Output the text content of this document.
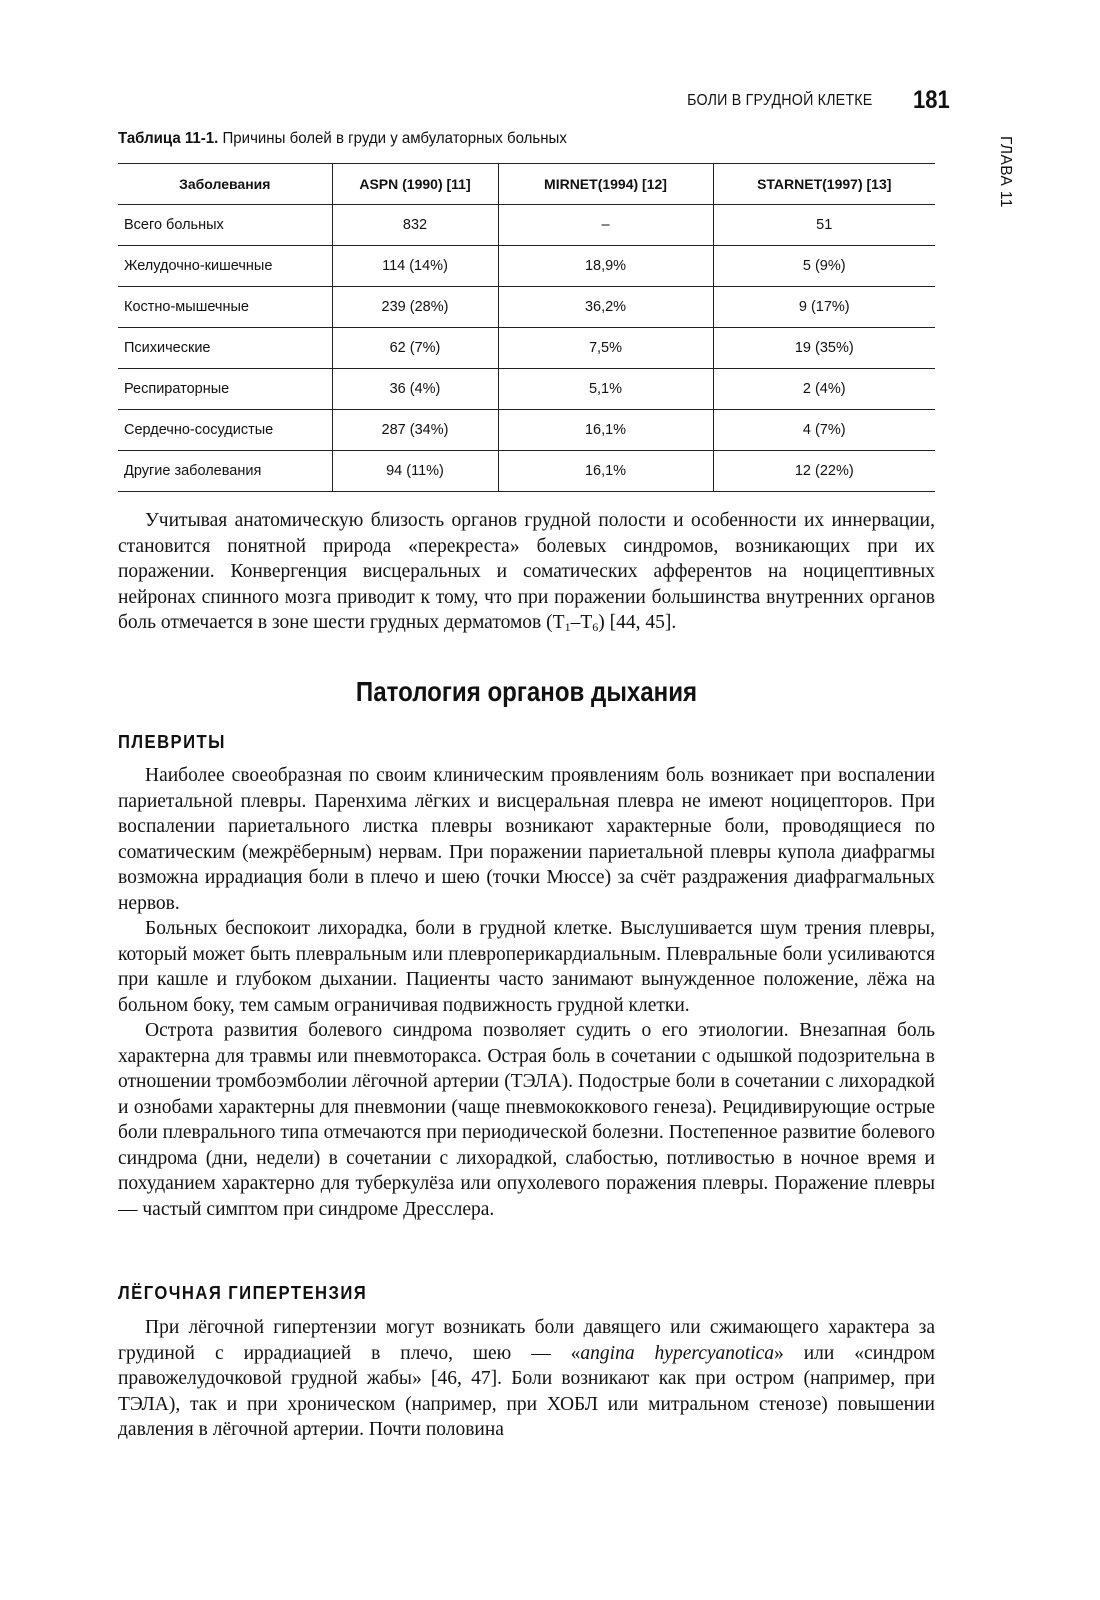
БОЛИ В ГРУДНОЙ КЛЕТКЕ 181
ГЛАВА 11
Таблица 11-1. Причины болей в груди у амбулаторных больных
Заболевания	ASPN (1990) [11]	MIRNET(1994) [12]	STARNET(1997) [13]
Всего больных	832	–	51
Желудочно-кишечные	114 (14%)	18,9%	5 (9%)
Костно-мышечные	239 (28%)	36,2%	9 (17%)
Психические	62 (7%)	7,5%	19 (35%)
Респираторные	36 (4%)	5,1%	2 (4%)
Сердечно-сосудистые	287 (34%)	16,1%	4 (7%)
Другие заболевания	94 (11%)	16,1%	12 (22%)

Учитывая анатомическую близость органов грудной полости и особенности их иннервации, становится понятной природа «перекреста» болевых синдромов, возникающих при их поражении. Конвергенция висцеральных и соматических афферентов на ноцицептивных нейронах спинного мозга приводит к тому, что при поражении большинства внутренних органов боль отмечается в зоне шести грудных дерматомов $(T_1-T_6)$ [44, 45].

Патология органов дыхания
ПЛЕВРИТЫ

Наиболее своеобразная по своим клиническим проявлениям боль возникает при воспалении париетальной плевры. Паренхима лёгких и висцеральная плевра не имеют ноцицепторов. При воспалении париетального листка плевры возникают характерные боли, проводящиеся по соматическим (межрёберным) нервам. При поражении париетальной плевры купола диафрагмы возможна иррадиация боли в плечо и шею (точки Мюссе) за счёт раздражения диафрагмальных нервов.

Больных беспокоит лихорадка, боли в грудной клетке. Выслушивается шум трения плевры, который может быть плевральным или плевроперикардиальным. Плевральные боли усиливаются при кашле и глубоком дыхании. Пациенты часто занимают вынужденное положение, лёжа на больном боку, тем самым ограничивая подвижность грудной клетки.

Острота развития болевого синдрома позволяет судить о его этиологии. Внезапная боль характерна для травмы или пневмоторакса. Острая боль в сочетании с одышкой подозрительна в отношении тромбоэмболии лёгочной артерии (ТЭЛА). Подострые боли в сочетании с лихорадкой и ознобами характерны для пневмонии (чаще пневмококкового генеза). Рецидивирующие острые боли плеврального типа отмечаются при периодической болезни. Постепенное развитие болевого синдрома (дни, недели) в сочетании с лихорадкой, слабостью, потливостью в ночное время и похуданием характерно для туберкулёза или опухолевого поражения плевры. Поражение плевры — частый симптом при синдроме Дресслера.

ЛЁГОЧНАЯ ГИПЕРТЕНЗИЯ

При лёгочной гипертензии могут возникать боли давящего или сжимающего характера за грудиной с иррадиацией в плечо, шею — «angina hypercyanotica» или «синдром правожелудочковой грудной жабы» [46, 47]. Боли возникают как при остром (например, при ТЭЛА), так и при хроническом (например, при ХОБЛ или митральном стенозе) повышении давления в лёгочной артерии. Почти половина
